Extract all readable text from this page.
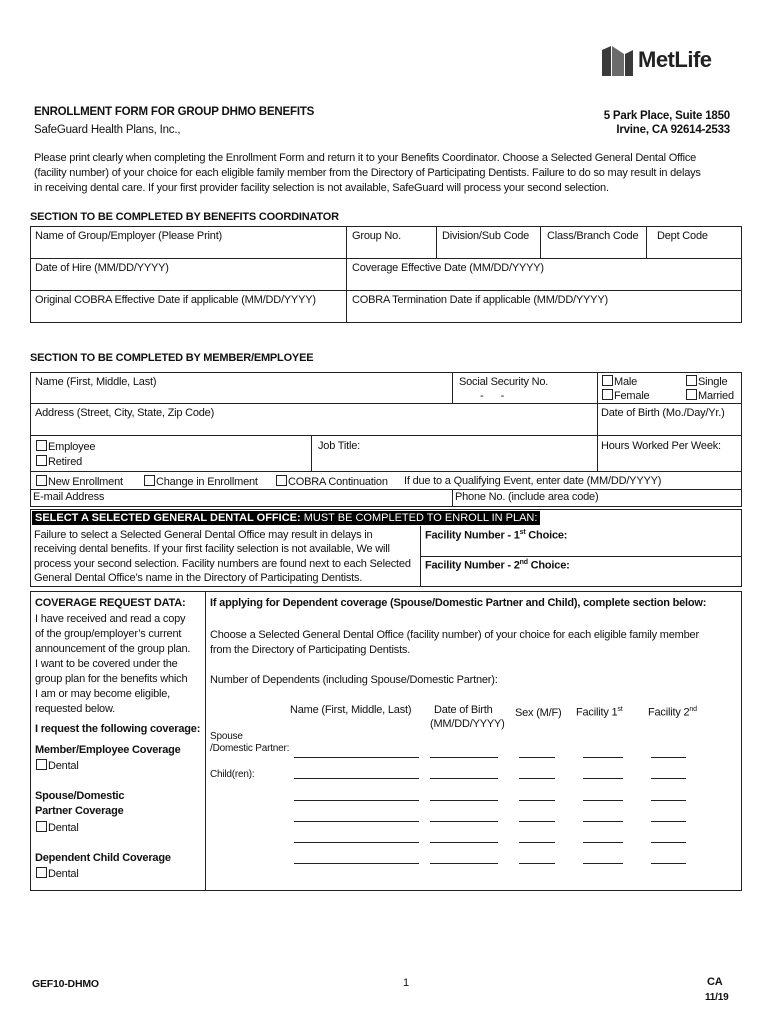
MetLife
ENROLLMENT FORM FOR GROUP DHMO BENEFITS
SafeGuard Health Plans, Inc.,
5 Park Place, Suite 1850
Irvine, CA 92614-2533
Please print clearly when completing the Enrollment Form and return it to your Benefits Coordinator. Choose a Selected General Dental Office
(facility number) of your choice for each eligible family member from the Directory of Participating Dentists. Failure to do so may result in delays
in receiving dental care. If your first provider facility selection is not available, SafeGuard will process your second selection.
SECTION TO BE COMPLETED BY BENEFITS COORDINATOR
Name of Group/Employer (Please Print)	Group No.	Division/Sub Code Class/Branch Code Dept Code
Date of Hire (MM/DD/YYYY)	Coverage Effective Date (MM/DD/YYYY)
Original COBRA Effective Date if applicable (MM/DD/YYYY)	COBRA Termination Date if applicable (MM/DD/YYYY)
SECTION TO BE COMPLETED BY MEMBER/EMPLOYEE
Name (First, Middle, Last)	Social Security No.
-      -
Male
Female
Single
Married
Address (Street, City, State, Zip Code)	Date of Birth (Mo./Day/Yr.)
Employee
Retired
Job Title:	Hours Worked Per Week:
New Enrollment	Change in Enrollment	COBRA Continuation If due to a Qualifying Event, enter date (MM/DD/YYYY)
E-mail Address	Phone No. (include area code)
SELECT A SELECTED GENERAL DENTAL OFFICE: MUST BE COMPLETED TO ENROLL IN PLAN:
Failure to select a Selected General Dental Office may result in delays in
receiving dental benefits. If your first facility selection is not available, We will
process your second selection. Facility numbers are found next to each Selected
General Dental Office’s name in the Directory of Participating Dentists.
Facility Number - 1st Choice:
Facility Number - 2nd Choice:
COVERAGE REQUEST DATA:
I have received and read a copy
of the group/employer’s current
announcement of the group plan.
I want to be covered under the
group plan for the benefits which
I am or may become eligible,
requested below.
I request the following coverage:
Member/Employee Coverage
Dental
Spouse/Domestic
Partner Coverage
Dental
Dependent Child Coverage
Dental
If applying for Dependent coverage (Spouse/Domestic Partner and Child), complete section below:
Choose a Selected General Dental Office (facility number) of your choice for each eligible family member
from the Directory of Participating Dentists.
Number of Dependents (including Spouse/Domestic Partner):
Name (First, Middle, Last) Date of Birth
(MM/DD/YYYY)
Sex (M/F) Facility 1st Facility 2nd
Spouse
/Domestic Partner:
Child(ren):
GEF10-DHMO	1	CA
11/19
